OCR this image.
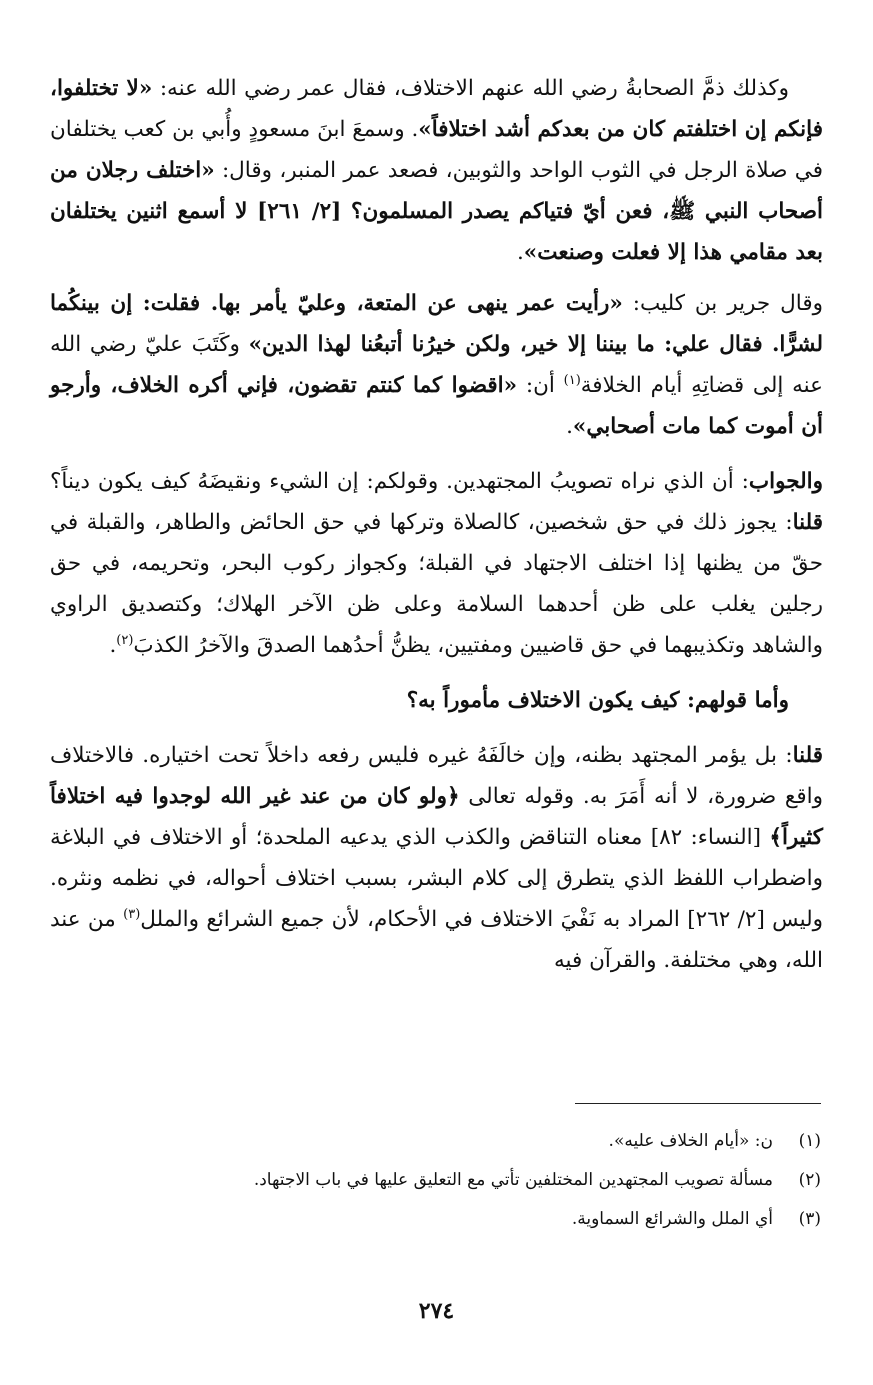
وكذلك ذمَّ الصحابةُ رضي الله عنهم الاختلاف، فقال عمر رضي الله عنه: «لا تختلفوا، فإنكم إن اختلفتم كان من بعدكم أشد اختلافاً». وسمعَ ابنَ مسعودٍ وأُبي بن كعب يختلفان في صلاة الرجل في الثوب الواحد والثوبين، فصعد عمر المنبر، وقال: «اختلف رجلان من أصحاب النبي ﷺ، فعن أيّ فتياكم يصدر المسلمون؟ [٢/ ٢٦١] لا أسمع اثنين يختلفان بعد مقامي هذا إلا فعلت وصنعت».

وقال جرير بن كليب: «رأيت عمر ينهى عن المتعة، وعليّ يأمر بها. فقلت: إن بينكُما لشرًّا. فقال علي: ما بيننا إلا خير، ولكن خيرُنا أتبعُنا لهذا الدين» وكَتَبَ عليّ رضي الله عنه إلى قضاتِهِ أيام الخلافة$^{(١)}$ أن: «اقضوا كما كنتم تقضون، فإني أكره الخلاف، وأرجو أن أموت كما مات أصحابي».

والجواب: أن الذي نراه تصويبُ المجتهدين. وقولكم: إن الشيء ونقيضَهُ كيف يكون ديناً؟ قلنا: يجوز ذلك في حق شخصين، كالصلاة وتركها في حق الحائض والطاهر، والقبلة في حقّ من يظنها إذا اختلف الاجتهاد في القبلة؛ وكجواز ركوب البحر، وتحريمه، في حق رجلين يغلب على ظن أحدهما السلامة وعلى ظن الآخر الهلاك؛ وكتصديق الراوي والشاهد وتكذيبهما في حق قاضيين ومفتيين، يظنُّ أحدُهما الصدقَ والآخرُ الكذبَ$^{(٢)}$.

وأما قولهم: كيف يكون الاختلاف مأموراً به؟

قلنا: بل يؤمر المجتهد بظنه، وإن خالَفَهُ غيره فليس رفعه داخلاً تحت اختياره. فالاختلاف واقع ضرورة، لا أنه أَمَرَ به. وقوله تعالى ﴿ولو كان من عند غير الله لوجدوا فيه اختلافاً كثيراً﴾ [النساء: ٨٢] معناه التناقض والكذب الذي يدعيه الملحدة؛ أو الاختلاف في البلاغة واضطراب اللفظ الذي يتطرق إلى كلام البشر، بسبب اختلاف أحواله، في نظمه ونثره. وليس [٢/ ٢٦٢] المراد به نَفْيَ الاختلاف في الأحكام، لأن جميع الشرائع والملل$^{(٣)}$ من عند الله، وهي مختلفة. والقرآن فيه

(١)
ن: «أيام الخلاف عليه».
(٢)
مسألة تصويب المجتهدين المختلفين تأتي مع التعليق عليها في باب الاجتهاد.
(٣)
أي الملل والشرائع السماوية.
٢٧٤
